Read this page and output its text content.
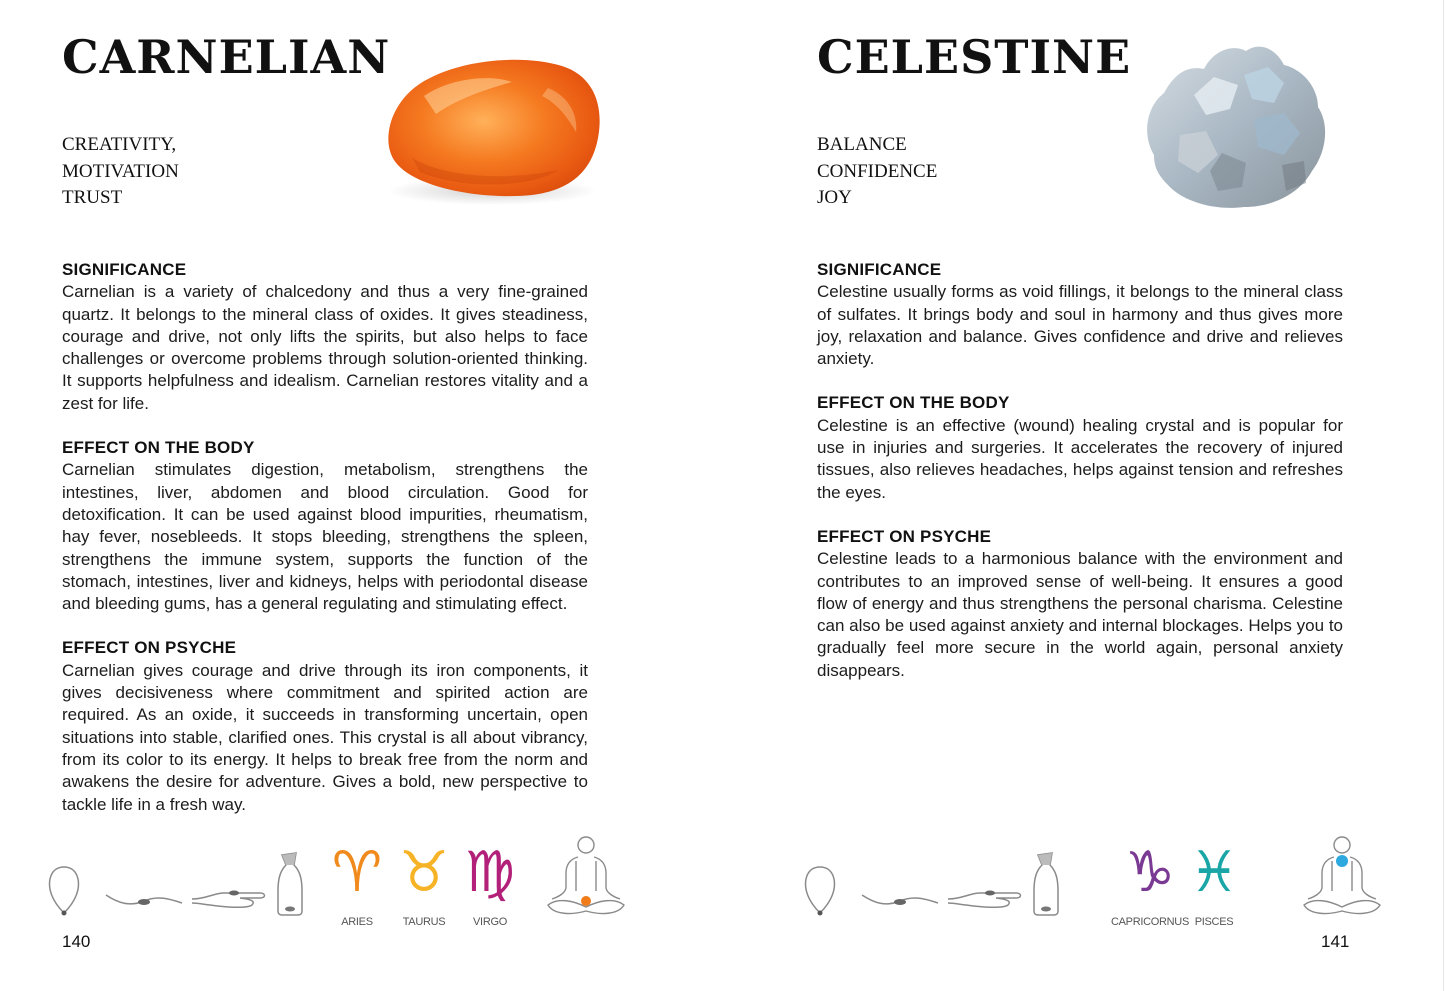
CARNELIAN
CREATIVITY,
MOTIVATION
TRUST
SIGNIFICANCE
Carnelian is a variety of chalcedony and thus a very fine-grained quartz. It belongs to the mineral class of oxides. It gives steadiness, courage and drive, not only lifts the spirits, but also helps to face challenges or overcome problems through solution-oriented thinking. It supports helpfulness and idealism. Carnelian restores vitality and a zest for life.
EFFECT ON THE BODY
Carnelian stimulates digestion, metabolism, strengthens the intestines, liver, abdomen and blood circulation. Good for detoxification. It can be used against blood impurities, rheumatism, hay fever, nosebleeds. It stops bleeding, strengthens the spleen, strengthens the immune system, supports the function of the stomach, intestines, liver and kidneys, helps with periodontal disease and bleeding gums, has a general regulating and stimulating effect.
EFFECT ON PSYCHE
Carnelian gives courage and drive through its iron components, it gives decisiveness where commitment and spirited action are required. As an oxide, it succeeds in transforming uncertain, open situations into stable, clarified ones. This crystal is all about vibrancy, from its color to its energy. It helps to break free from the norm and awakens the desire for adventure. Gives a bold, new perspective to tackle life in a fresh way.
♈
ARIES
♉
TAURUS
♍
VIRGO
140
CELESTINE
BALANCE
CONFIDENCE
JOY
SIGNIFICANCE
Celestine usually forms as void fillings, it belongs to the mineral class of sulfates. It brings body and soul in harmony and thus gives more joy, relaxation and balance. Gives confidence and drive and relieves anxiety.
EFFECT ON THE BODY
Celestine is an effective (wound) healing crystal and is popular for use in injuries and surgeries. It accelerates the recovery of injured tissues, also relieves headaches, helps against tension and refreshes the eyes.
EFFECT ON PSYCHE
Celestine leads to a harmonious balance with the environment and contributes to an improved sense of well-being. It ensures a good flow of energy and thus strengthens the personal charisma. Celestine can also be used against anxiety and internal blockages. Helps you to gradually feel more secure in the world again, personal anxiety disappears.
♑
CAPRICORNUS
♓
PISCES
141
